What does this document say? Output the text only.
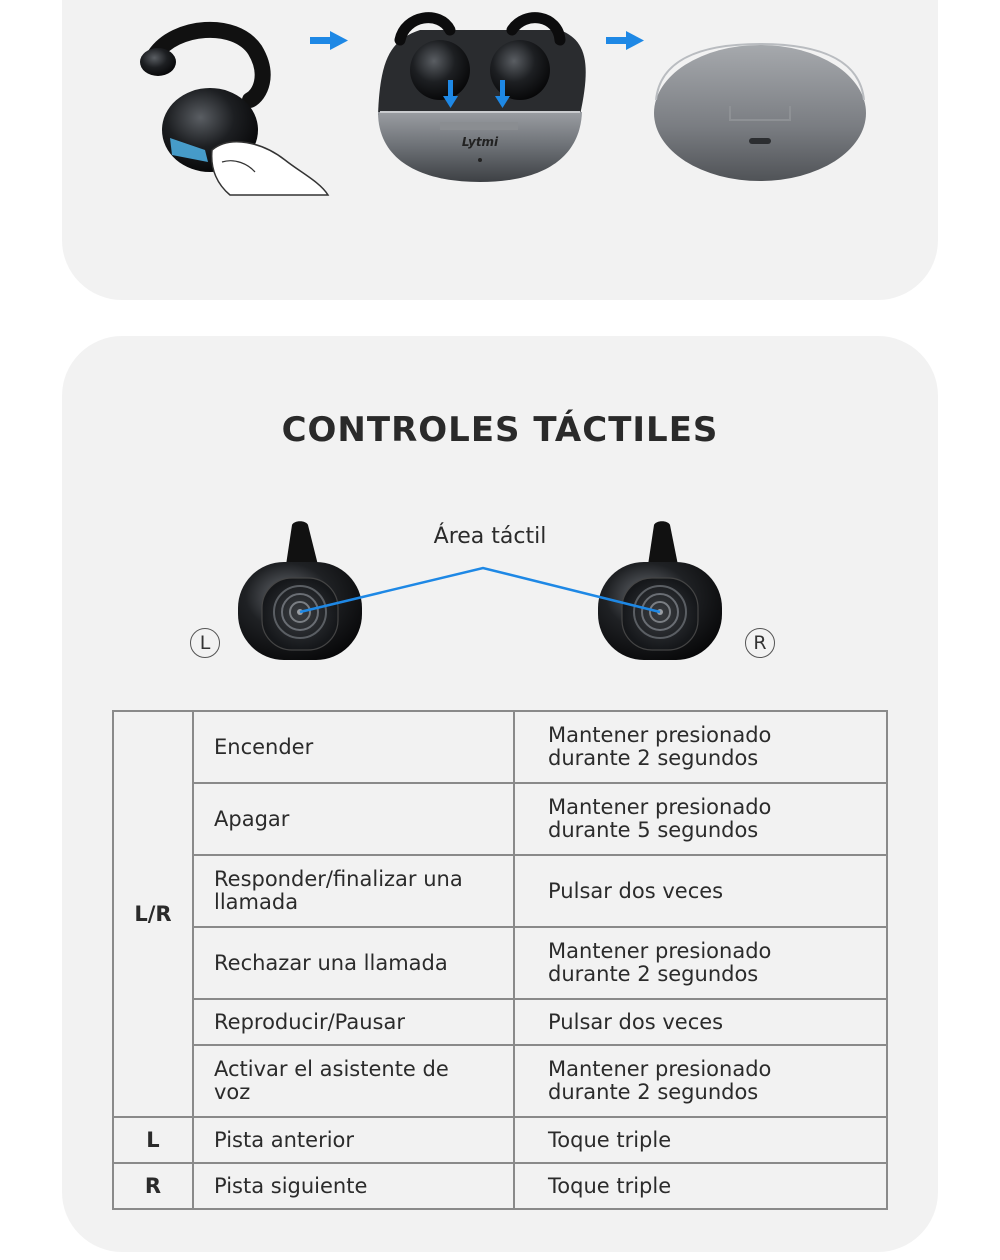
Lytmi
CONTROLES TÁCTILES
Área táctil
L	R
L/R	Encender	Mantener presionado durante 2 segundos

	Apagar	Mantener presionado durante 5 segundos

	Responder/finalizar una llamada	Pulsar dos veces

	Rechazar una llamada	Mantener presionado durante 2 segundos

	Reproducir/Pausar	Pulsar dos veces

	Activar el asistente de voz	Mantener presionado durante 2 segundos

L	Pista anterior	Toque triple

R	Pista siguiente	Toque triple
